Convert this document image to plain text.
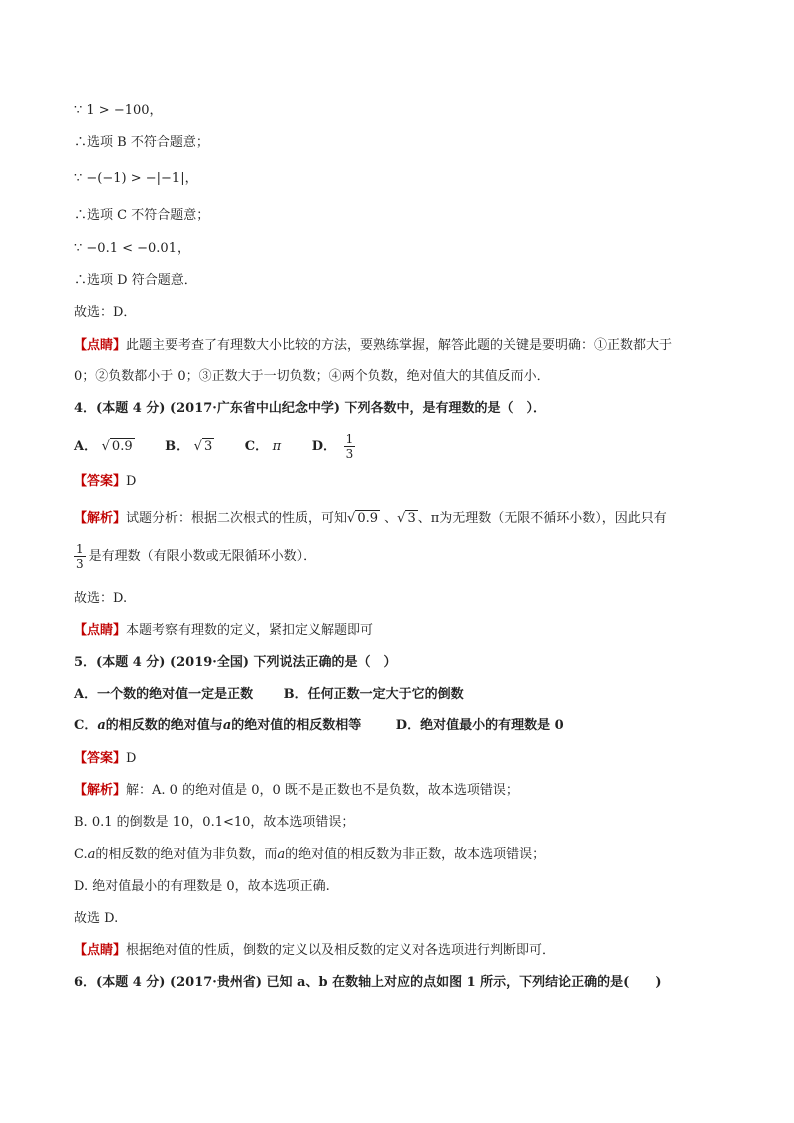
∵ 1 > −100，
∴选项 B 不符合题意；
∵ −(−1) > −|−1|，
∴选项 C 不符合题意；
∵ −0.1 < −0.01，
∴选项 D 符合题意．
故选：D．
【点睛】此题主要考查了有理数大小比较的方法，要熟练掌握，解答此题的关键是要明确：①正数都大于
0；②负数都小于 0；③正数大于一切负数；④两个负数，绝对值大的其值反而小．
4．(本题 4 分) (2017·广东省中山纪念中学) 下列各数中，是有理数的是（　）．
A． √ 0.9	B． √ 3	C． π D． $\frac{1}{3}$
【答案】D
【解析】试题分析：根据二次根式的性质，可知√ 0.9 、√ 3 、π为无理数（无限不循环小数），因此只有
$\frac{1}{3}$ 是有理数（有限小数或无限循环小数）．
故选：D.
【点睛】本题考察有理数的定义，紧扣定义解题即可
5．(本题 4 分) (2019·全国) 下列说法正确的是（　）
A．一个数的绝对值一定是正数 B．任何正数一定大于它的倒数
C．a的相反数的绝对值与a的绝对值的相反数相等	D．绝对值最小的有理数是 0
【答案】D
【解析】解：A. 0 的绝对值是 0，0 既不是正数也不是负数，故本选项错误；
B. 0.1 的倒数是 10，0.1<10，故本选项错误；
C.a的相反数的绝对值为非负数，而a的绝对值的相反数为非正数，故本选项错误；
D. 绝对值最小的有理数是 0，故本选项正确.
故选 D.
【点睛】根据绝对值的性质，倒数的定义以及相反数的定义对各选项进行判断即可．
6．(本题 4 分) (2017·贵州省) 已知 a、b 在数轴上对应的点如图 1 所示，下列结论正确的是(　　)
